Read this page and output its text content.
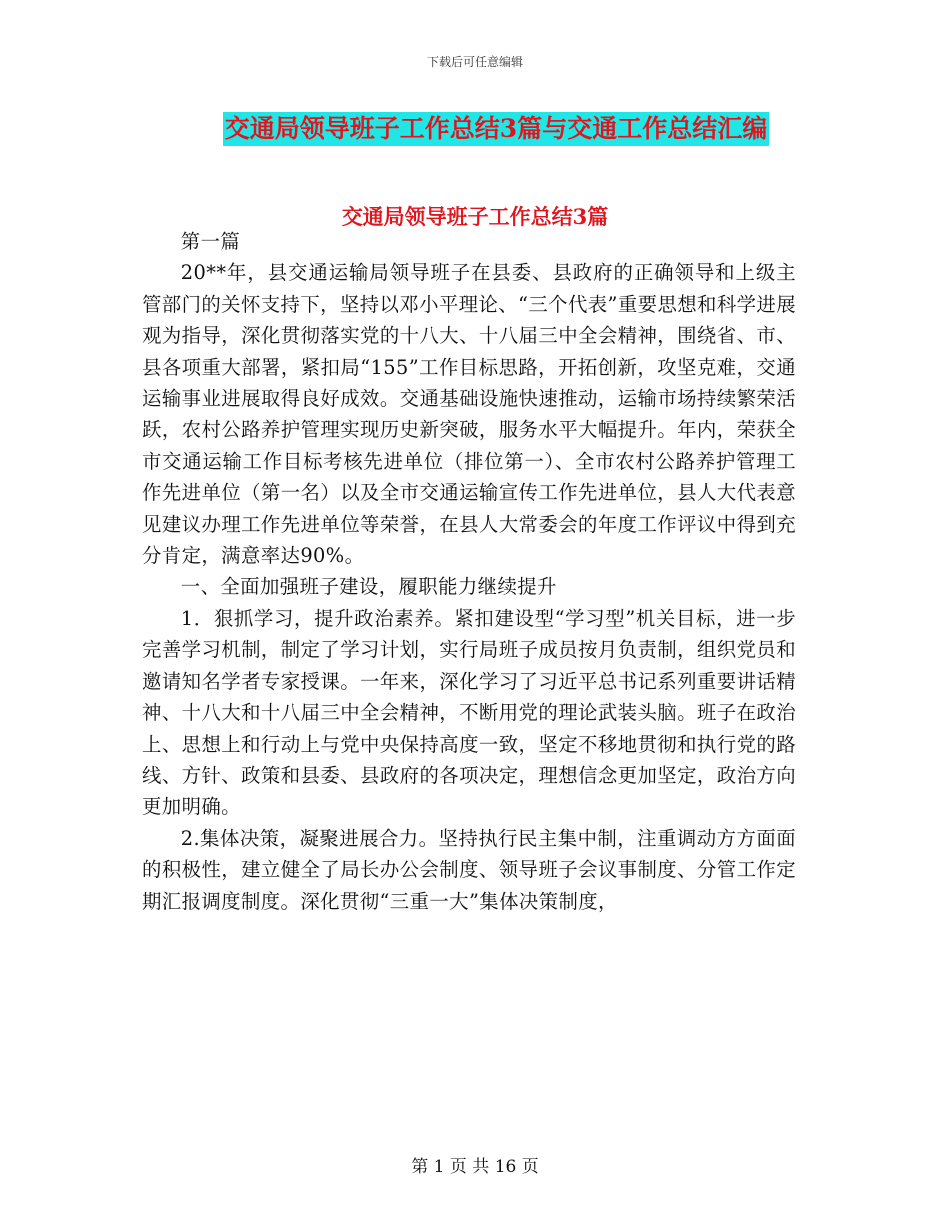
下载后可任意编辑
交通局领导班子工作总结3篇与交通工作总结汇编
交通局领导班子工作总结3篇

第一篇

20**年，县交通运输局领导班子在县委、县政府的正确领导和上级主管部门的关怀支持下，坚持以邓小平理论、“三个代表”重要思想和科学进展观为指导，深化贯彻落实党的十八大、十八届三中全会精神，围绕省、市、县各项重大部署，紧扣局“155”工作目标思路，开拓创新，攻坚克难，交通运输事业进展取得良好成效。交通基础设施快速推动，运输市场持续繁荣活跃，农村公路养护管理实现历史新突破，服务水平大幅提升。年内，荣获全市交通运输工作目标考核先进单位（排位第一）、全市农村公路养护管理工作先进单位（第一名）以及全市交通运输宣传工作先进单位，县人大代表意见建议办理工作先进单位等荣誉，在县人大常委会的年度工作评议中得到充分肯定，满意率达90%。

一、全面加强班子建设，履职能力继续提升

1．狠抓学习，提升政治素养。紧扣建设型“学习型”机关目标，进一步完善学习机制，制定了学习计划，实行局班子成员按月负责制，组织党员和邀请知名学者专家授课。一年来，深化学习了习近平总书记系列重要讲话精神、十八大和十八届三中全会精神，不断用党的理论武装头脑。班子在政治上、思想上和行动上与党中央保持高度一致，坚定不移地贯彻和执行党的路线、方针、政策和县委、县政府的各项决定，理想信念更加坚定，政治方向更加明确。

2.集体决策，凝聚进展合力。坚持执行民主集中制，注重调动方方面面的积极性，建立健全了局长办公会制度、领导班子会议事制度、分管工作定期汇报调度制度。深化贯彻“三重一大”集体决策制度，

第 1 页 共 16 页
